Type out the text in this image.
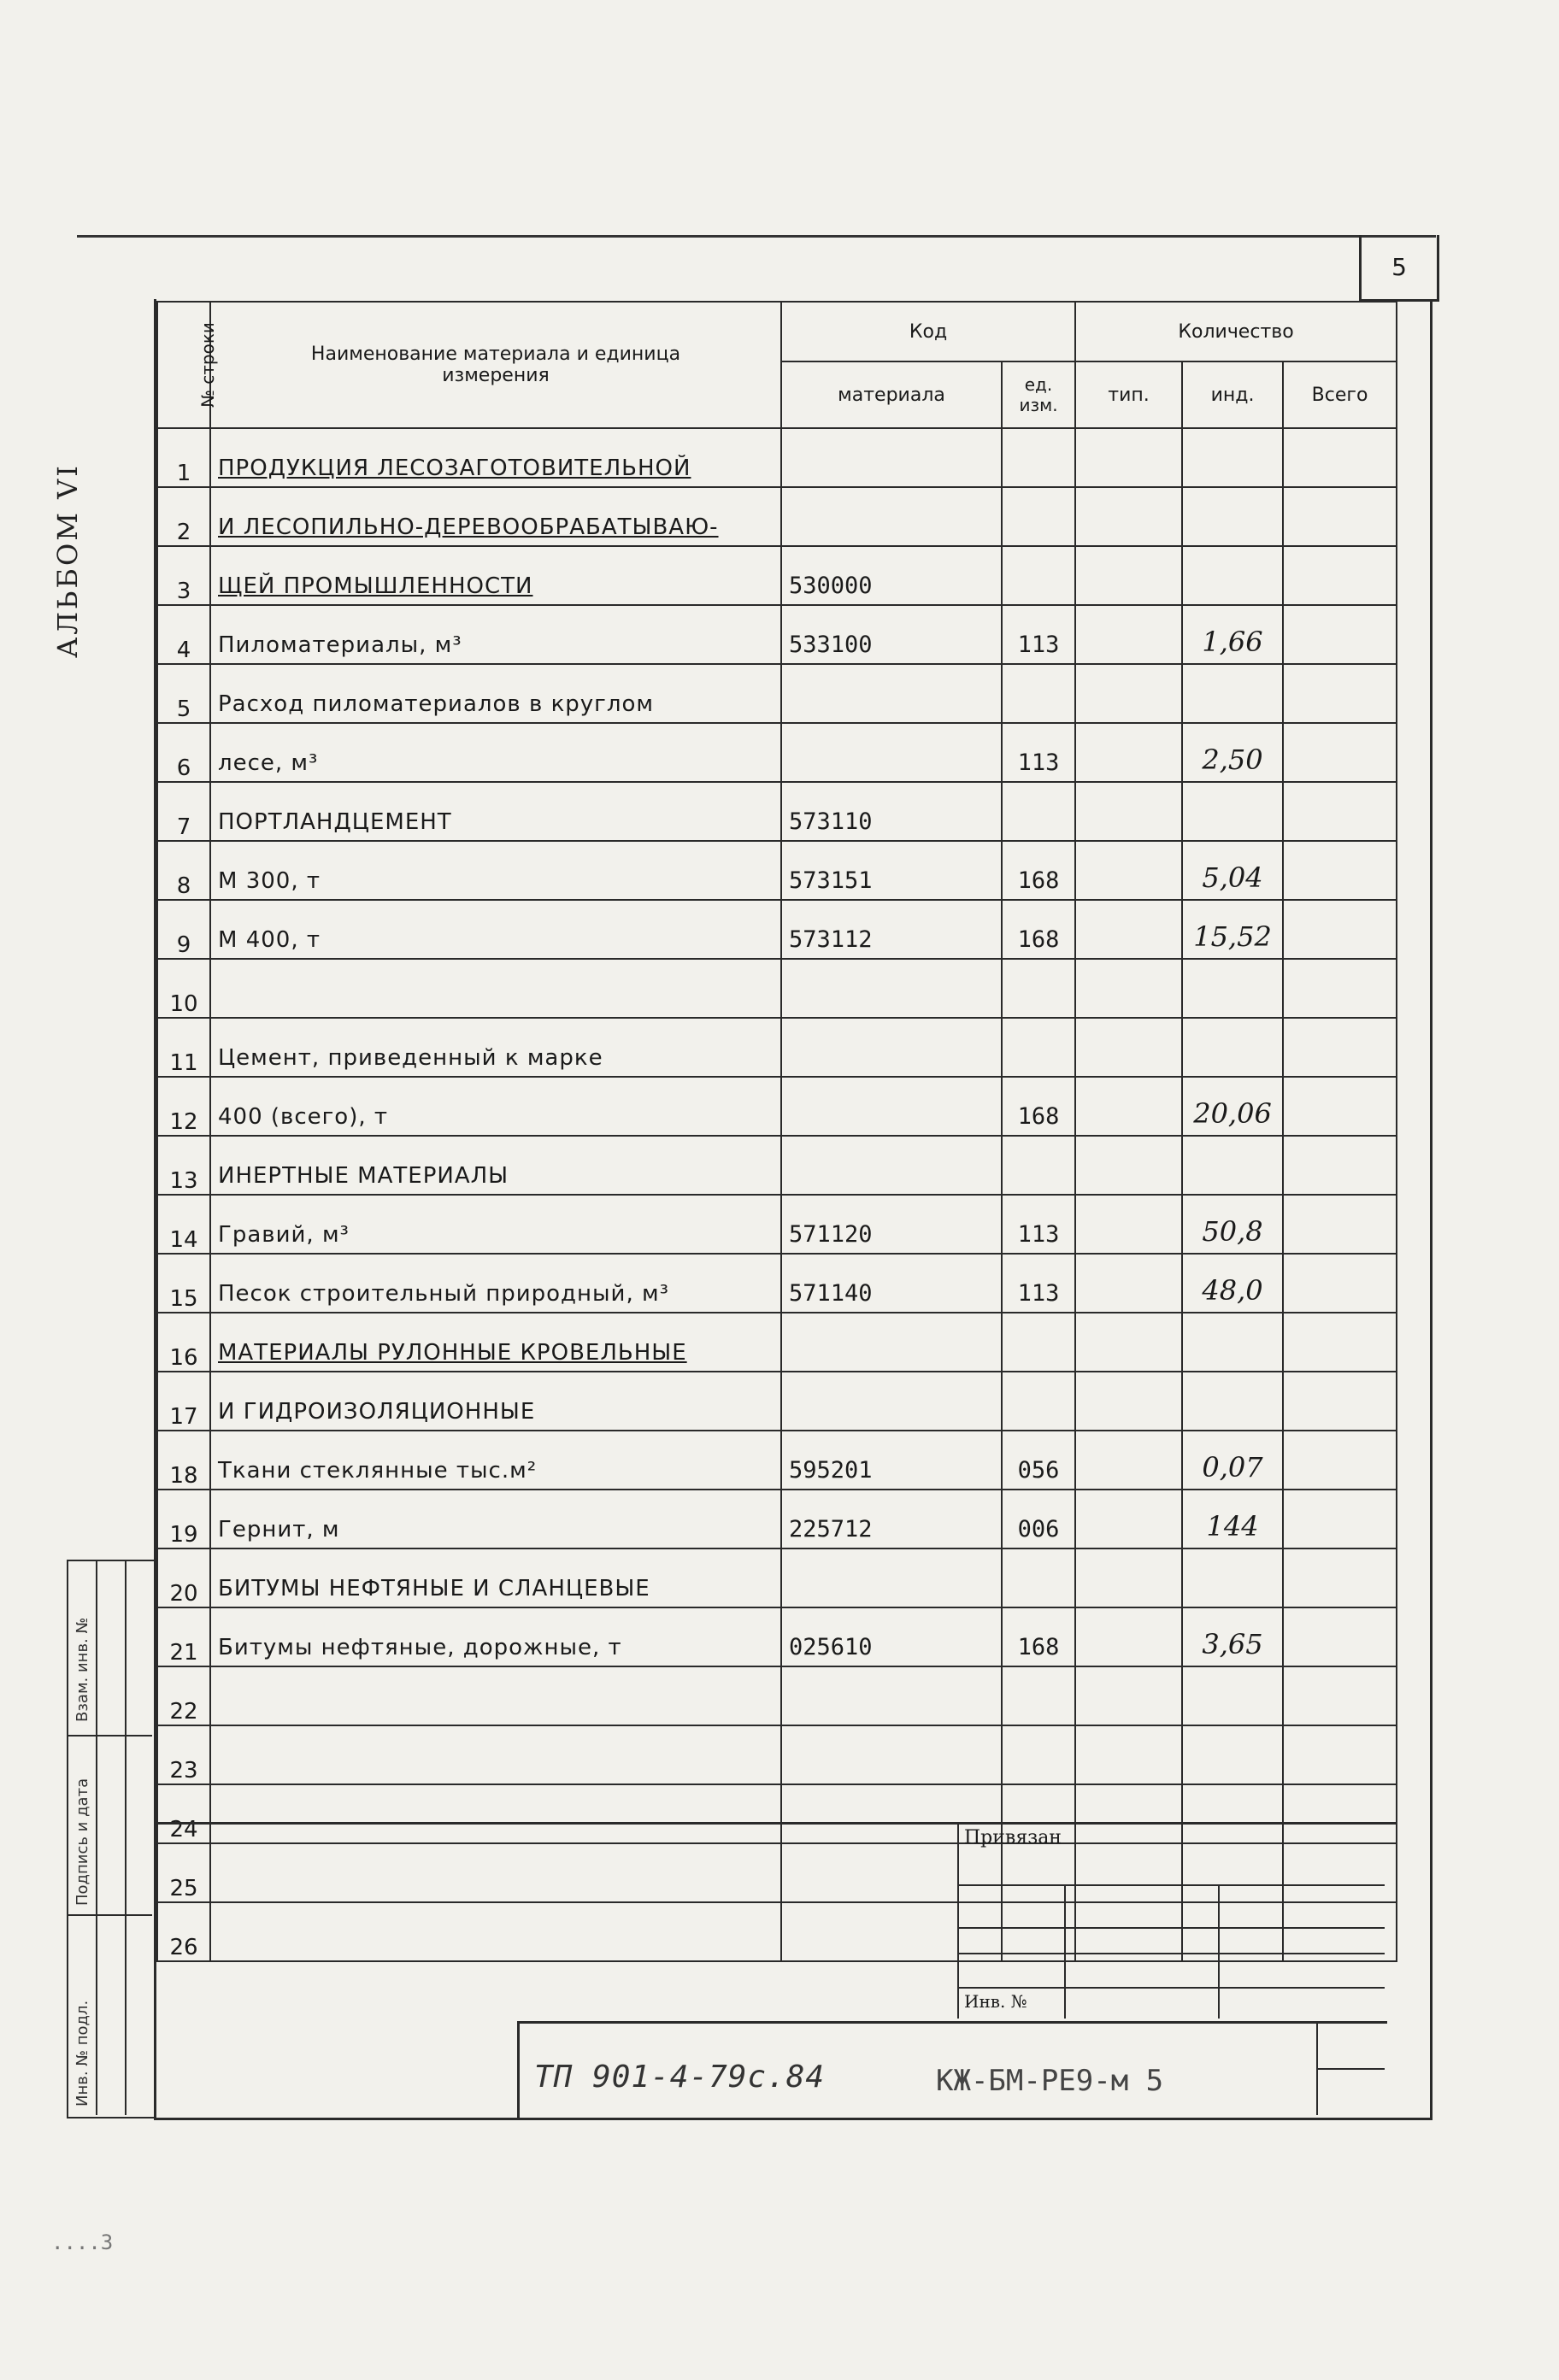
5
АЛЬБОМ VI
№ строки	Наименование материала и единица измерения	Код		Количество		
		материала	ед. изм.	тип.	инд.	Всего
1	ПРОДУКЦИЯ ЛЕСОЗАГОТОВИТЕЛЬНОЙ					
2	И ЛЕСОПИЛЬНО-ДЕРЕВООБРАБАТЫВАЮ-					
3	ЩЕЙ ПРОМЫШЛЕННОСТИ	530000				
4	Пиломатериалы, м³	533100	113		1,66	
5	Расход пиломатериалов в круглом					
6	лесе, м³		113		2,50	
7	ПОРТЛАНДЦЕМЕНТ	573110				
8	М 300, т	573151	168		5,04	
9	М 400, т	573112	168		15,52	
10						
11	Цемент, приведенный к марке					
12	400 (всего), т		168		20,06	
13	ИНЕРТНЫЕ МАТЕРИАЛЫ					
14	Гравий, м³	571120	113		50,8	
15	Песок строительный природный, м³	571140	113		48,0	
16	МАТЕРИАЛЫ РУЛОННЫЕ КРОВЕЛЬНЫЕ					
17	И ГИДРОИЗОЛЯЦИОННЫЕ					
18	Ткани стеклянные тыс.м²	595201	056		0,07	
19	Гернит, м	225712	006		144	
20	БИТУМЫ НЕФТЯНЫЕ И СЛАНЦЕВЫЕ					
21	Битумы нефтяные, дорожные, т	025610	168		3,65	
22						
23						
24						
25						
26						
Привязан
Инв. №
ТП 901-4-79с.84	КЖ-БМ-РЕ9-м 5
Взам. инв. №
Подпись и дата
Инв. № подл.
....3
